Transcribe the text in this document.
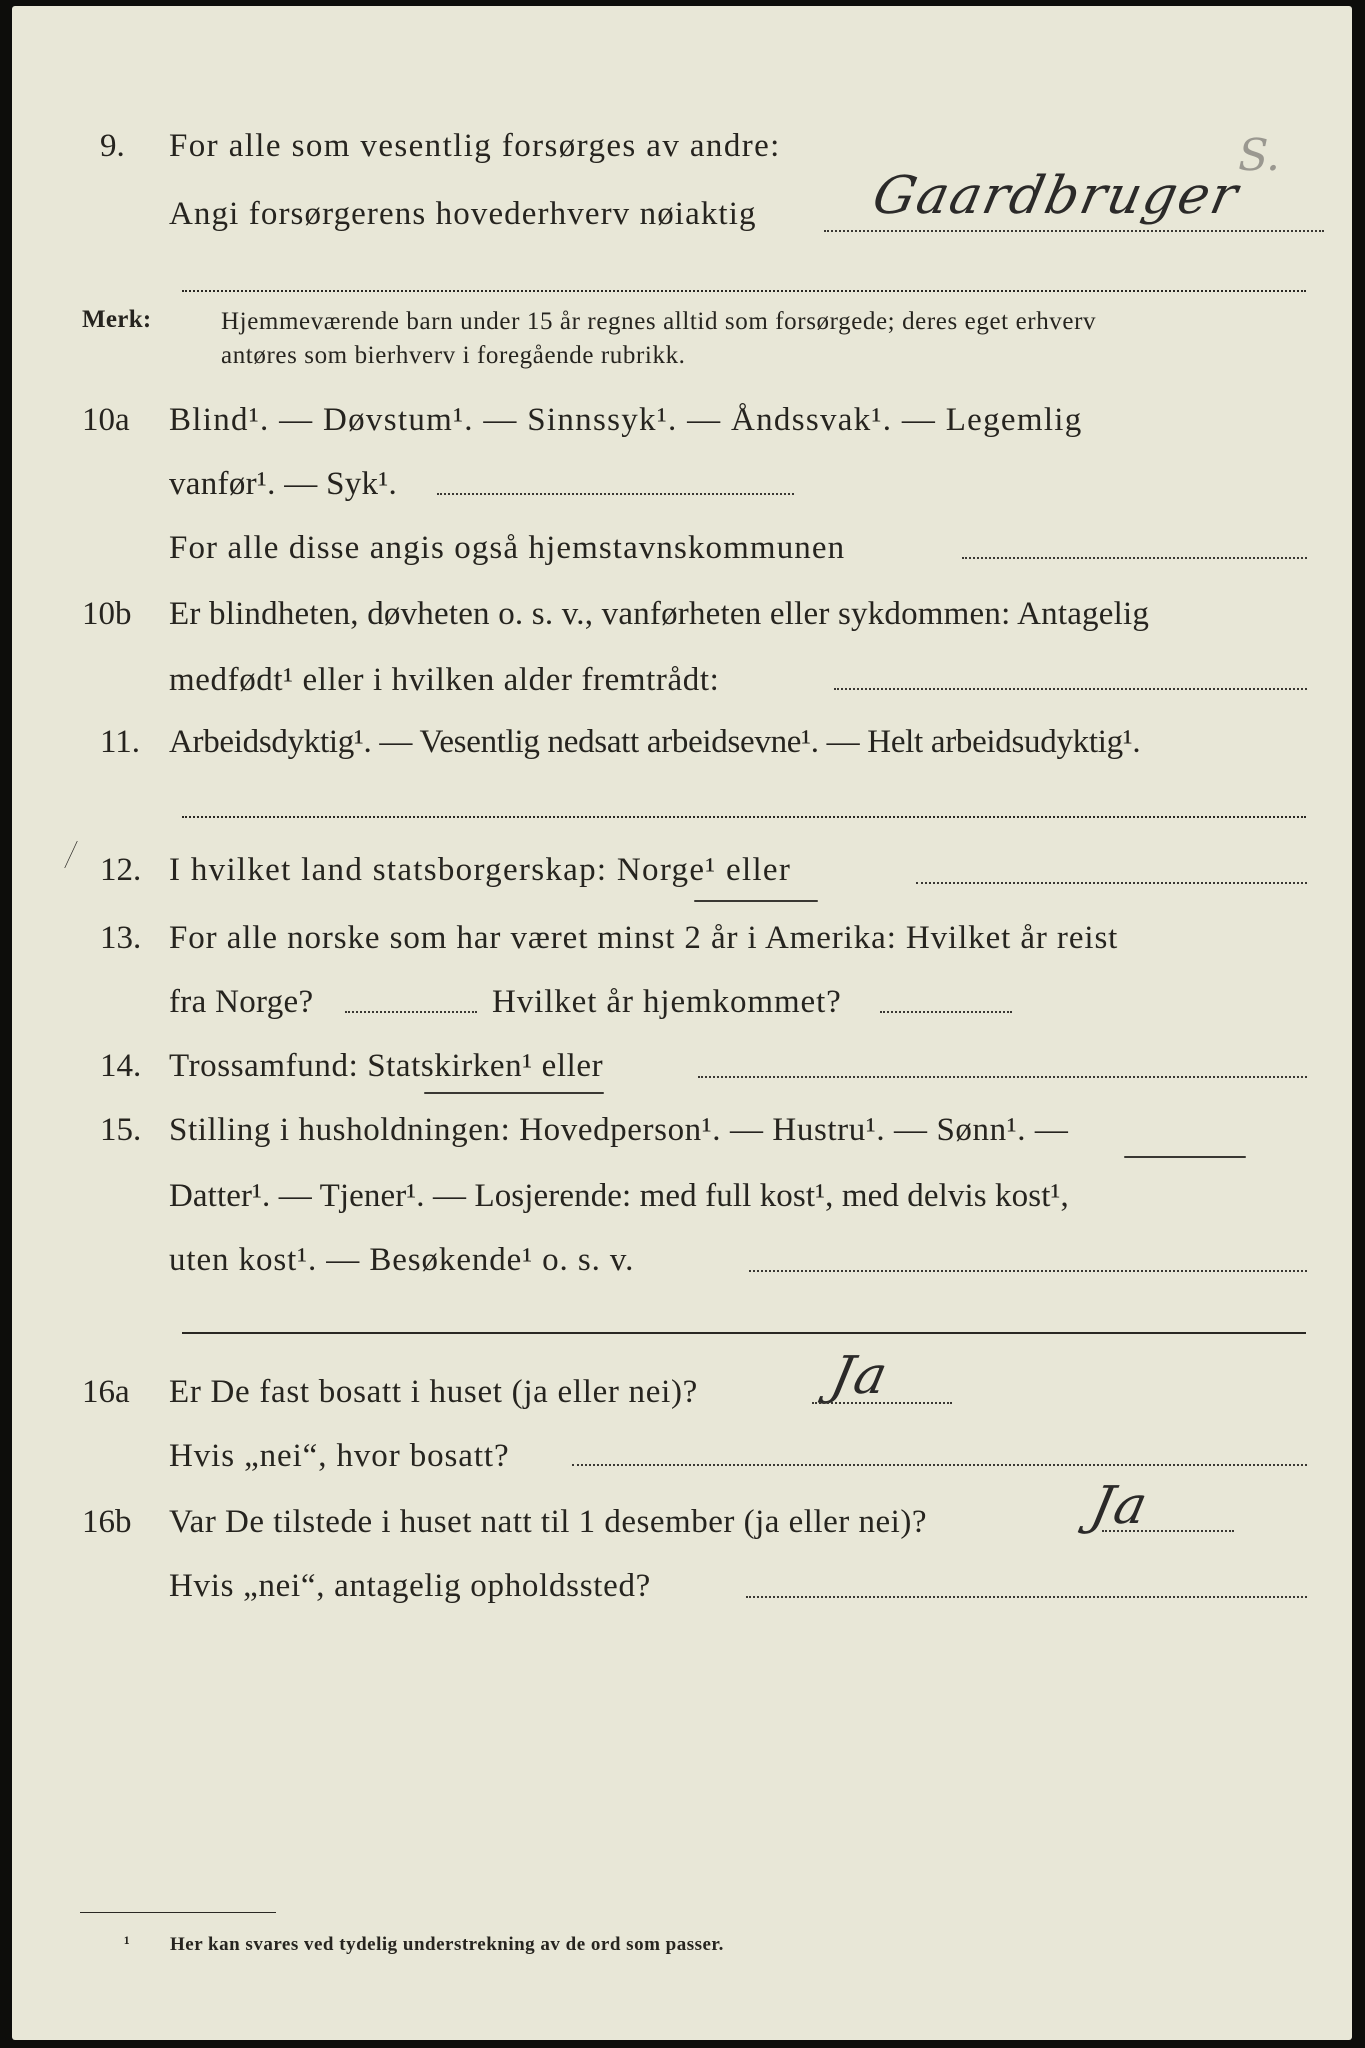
S.
9. For alle som vesentlig forsørges av andre:
Angi forsørgerens hovederhverv nøiaktig Gaardbruger
Merk:	Hjemmeværende barn under 15 år regnes alltid som forsørgede; deres eget erhverv
antøres som bierhverv i foregående rubrikk.
10a Blind¹. — Døvstum¹. — Sinnssyk¹. — Åndssvak¹. — Legemlig
vanfør¹. — Syk¹.
For alle disse angis også hjemstavnskommunen
10b Er blindheten, døvheten o. s. v., vanførheten eller sykdommen: Antagelig
medfødt¹ eller i hvilken alder fremtrådt:
11. Arbeidsdyktig¹. — Vesentlig nedsatt arbeidsevne¹. — Helt arbeidsudyktig¹.
12. I hvilket land statsborgerskap: Norge¹ eller
13. For alle norske som har været minst 2 år i Amerika: Hvilket år reist
fra Norge?	Hvilket år hjemkommet?
14. Trossamfund: Statskirken¹ eller
15. Stilling i husholdningen: Hovedperson¹. — Hustru¹. — Sønn¹. —
Datter¹. — Tjener¹. — Losjerende: med full kost¹, med delvis kost¹,
uten kost¹. — Besøkende¹ o. s. v.
16a Er De fast bosatt i huset (ja eller nei)? Ja
Hvis „nei“, hvor bosatt?
16b Var De tilstede i huset natt til 1 desember (ja eller nei)?	Ja
Hvis „nei“, antagelig opholdssted?
¹ Her kan svares ved tydelig understrekning av de ord som passer.
